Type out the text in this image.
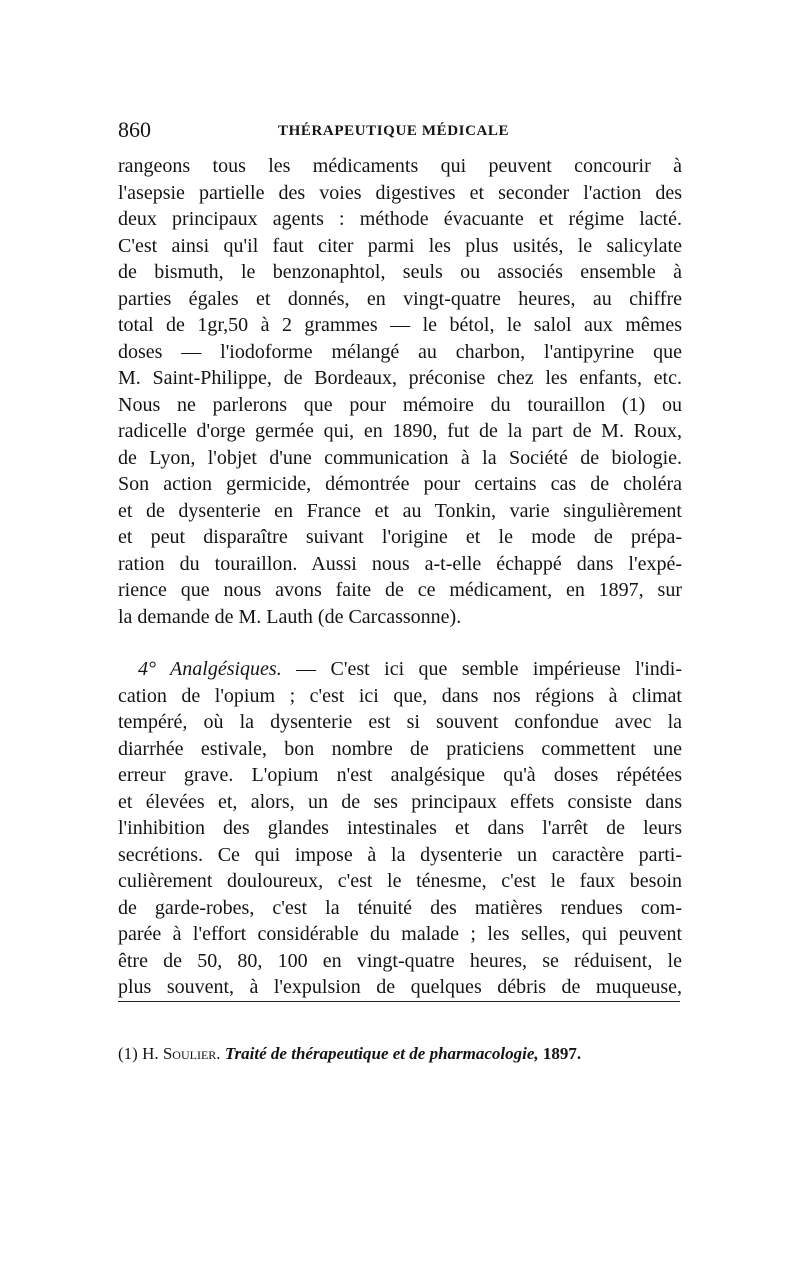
860	THÉRAPEUTIQUE MÉDICALE
rangeons tous les médicaments qui peuvent concourir à
l'asepsie partielle des voies digestives et seconder l'action des
deux principaux agents : méthode évacuante et régime lacté.
C'est ainsi qu'il faut citer parmi les plus usités, le salicylate
de bismuth, le benzonaphtol, seuls ou associés ensemble à
parties égales et donnés, en vingt-quatre heures, au chiffre
total de 1gr,50 à 2 grammes — le bétol, le salol aux mêmes
doses — l'iodoforme mélangé au charbon, l'antipyrine que
M. Saint-Philippe, de Bordeaux, préconise chez les enfants, etc.
Nous ne parlerons que pour mémoire du touraillon (1) ou
radicelle d'orge germée qui, en 1890, fut de la part de M. Roux,
de Lyon, l'objet d'une communication à la Société de biologie.
Son action germicide, démontrée pour certains cas de choléra
et de dysenterie en France et au Tonkin, varie singulièrement
et peut disparaître suivant l'origine et le mode de prépa-
ration du touraillon. Aussi nous a-t-elle échappé dans l'expé-
rience que nous avons faite de ce médicament, en 1897, sur
la demande de M. Lauth (de Carcassonne).
4° Analgésiques. — C'est ici que semble impérieuse l'indi-
cation de l'opium ; c'est ici que, dans nos régions à climat
tempéré, où la dysenterie est si souvent confondue avec la
diarrhée estivale, bon nombre de praticiens commettent une
erreur grave. L'opium n'est analgésique qu'à doses répétées
et élevées et, alors, un de ses principaux effets consiste dans
l'inhibition des glandes intestinales et dans l'arrêt de leurs
secrétions. Ce qui impose à la dysenterie un caractère parti-
culièrement douloureux, c'est le ténesme, c'est le faux besoin
de garde-robes, c'est la ténuité des matières rendues com-
parée à l'effort considérable du malade ; les selles, qui peuvent
être de 50, 80, 100 en vingt-quatre heures, se réduisent, le
plus souvent, à l'expulsion de quelques débris de muqueuse,
(1) H. Soulier. Traité de thérapeutique et de pharmacologie, 1897.
